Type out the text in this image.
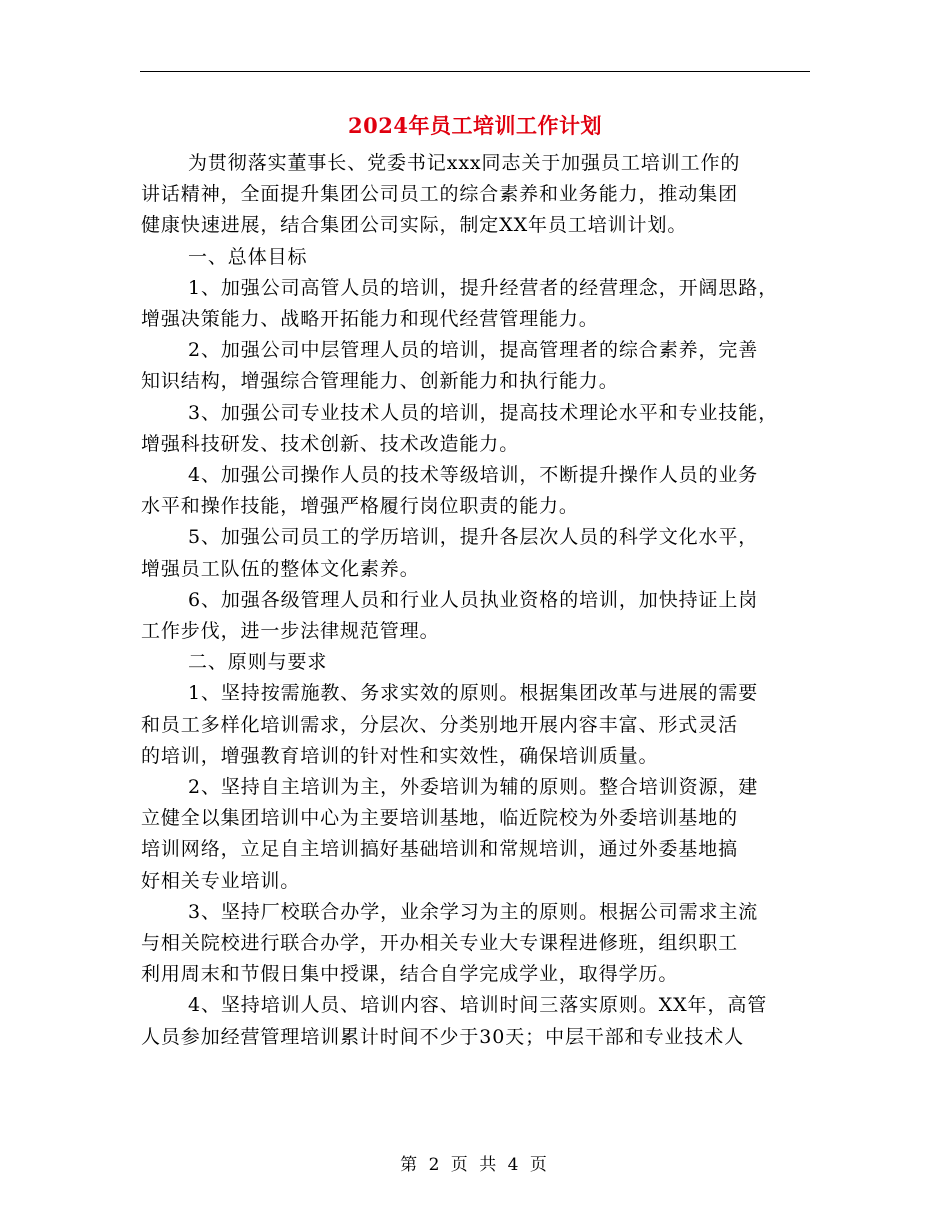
2024年员工培训工作计划
为贯彻落实董事长、党委书记xxx同志关于加强员工培训工作的
讲话精神，全面提升集团公司员工的综合素养和业务能力，推动集团
健康快速进展，结合集团公司实际，制定XX年员工培训计划。
一、总体目标
1、加强公司高管人员的培训，提升经营者的经营理念，开阔思路，
增强决策能力、战略开拓能力和现代经营管理能力。
2、加强公司中层管理人员的培训，提高管理者的综合素养，完善
知识结构，增强综合管理能力、创新能力和执行能力。
3、加强公司专业技术人员的培训，提高技术理论水平和专业技能，
增强科技研发、技术创新、技术改造能力。
4、加强公司操作人员的技术等级培训，不断提升操作人员的业务
水平和操作技能，增强严格履行岗位职责的能力。
5、加强公司员工的学历培训，提升各层次人员的科学文化水平，
增强员工队伍的整体文化素养。
6、加强各级管理人员和行业人员执业资格的培训，加快持证上岗
工作步伐，进一步法律规范管理。
二、原则与要求
1、坚持按需施教、务求实效的原则。根据集团改革与进展的需要
和员工多样化培训需求，分层次、分类别地开展内容丰富、形式灵活
的培训，增强教育培训的针对性和实效性，确保培训质量。
2、坚持自主培训为主，外委培训为辅的原则。整合培训资源，建
立健全以集团培训中心为主要培训基地，临近院校为外委培训基地的
培训网络，立足自主培训搞好基础培训和常规培训，通过外委基地搞
好相关专业培训。
3、坚持厂校联合办学，业余学习为主的原则。根据公司需求主流
与相关院校进行联合办学，开办相关专业大专课程进修班，组织职工
利用周末和节假日集中授课，结合自学完成学业，取得学历。
4、坚持培训人员、培训内容、培训时间三落实原则。XX年，高管
人员参加经营管理培训累计时间不少于30天；中层干部和专业技术人
第 2 页 共 4 页
